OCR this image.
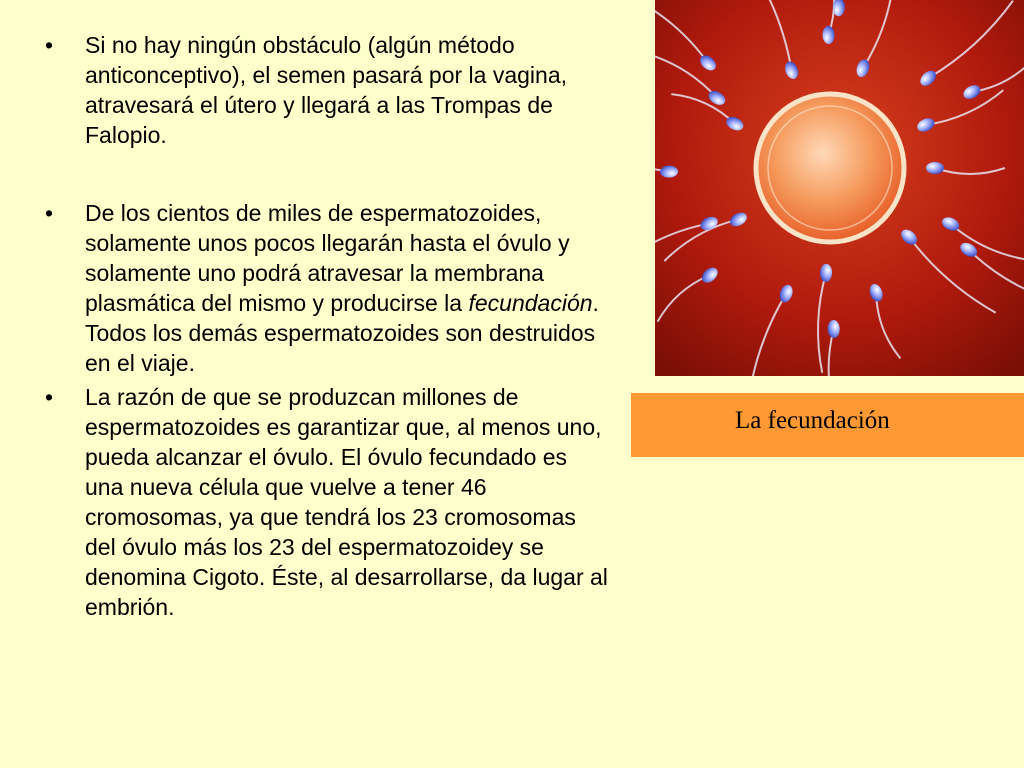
• Si no hay ningún obstáculo (algún método anticonceptivo), el semen pasará por la vagina, atravesará el útero y llegará a las Trompas de Falopio.
• De los cientos de miles de espermatozoides, solamente unos pocos llegarán hasta el óvulo y solamente uno podrá atravesar la membrana plasmática del mismo y producirse la fecundación. Todos los demás espermatozoides son destruidos en el viaje.
• La razón de que se produzcan millones de espermatozoides es garantizar que, al menos uno, pueda alcanzar el óvulo. El óvulo fecundado es una nueva célula que vuelve a tener 46 cromosomas, ya que tendrá los 23 cromosomas del óvulo más los 23 del espermatozoidey se denomina Cigoto. Éste, al desarrollarse, da lugar al embrión.
La fecundación
